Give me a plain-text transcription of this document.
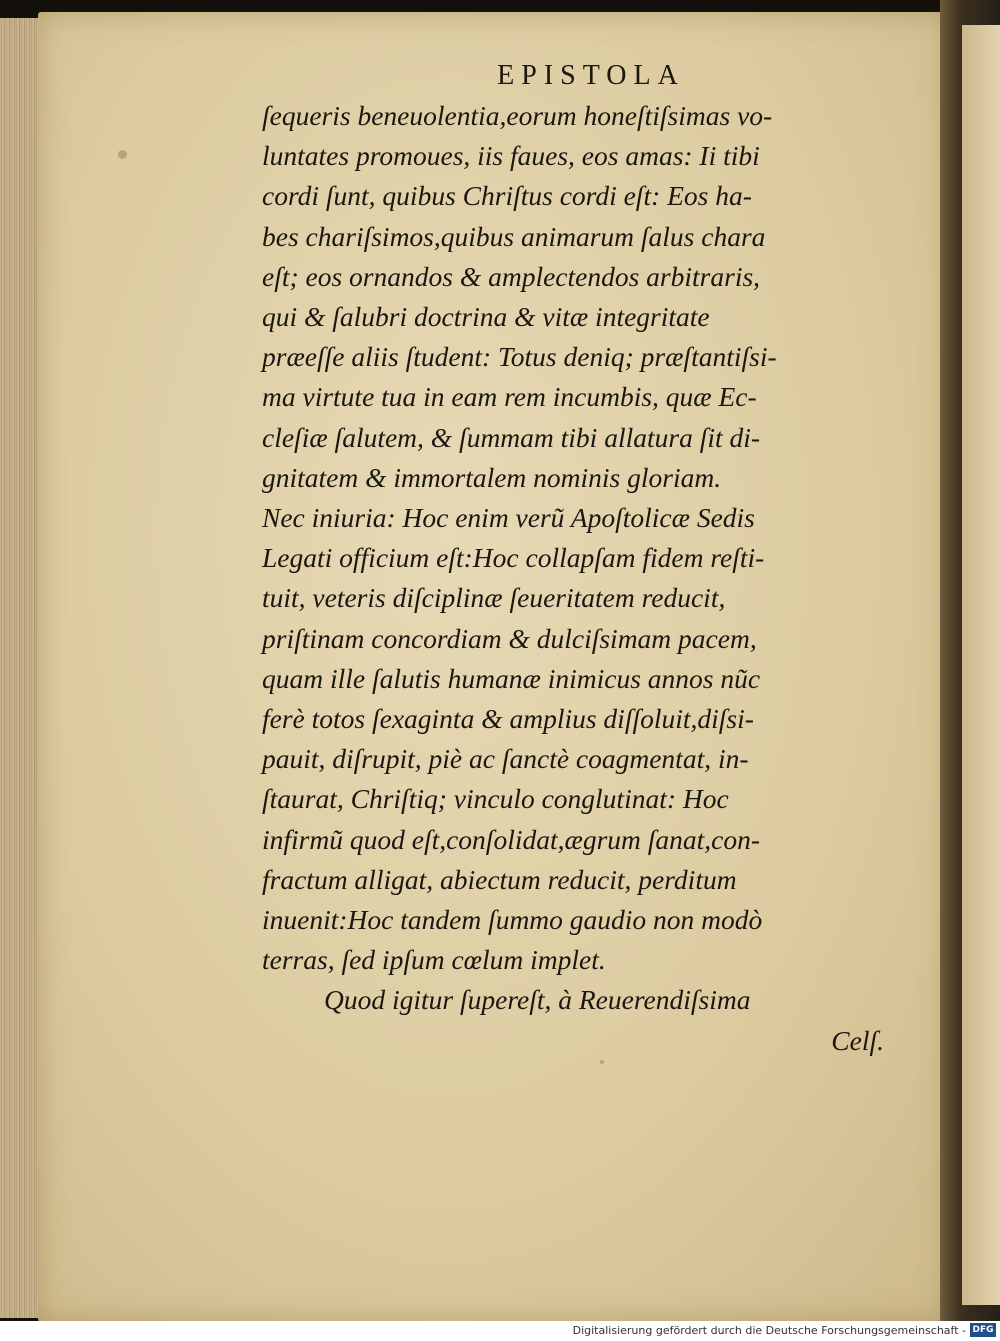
EPISTOLA
ſequeris beneuolentia,eorum honeſtiſsimas vo-
luntates promoues, iis faues, eos amas: Ii tibi
cordi ſunt, quibus Chriſtus cordi eſt: Eos ha-
bes chariſsimos,quibus animarum ſalus chara
eſt; eos ornandos & amplectendos arbitraris,
qui & ſalubri doctrina & vitæ integritate
præeſſe aliis ſtudent: Totus deniq; præſtantiſsi-
ma virtute tua in eam rem incumbis, quæ Ec-
cleſiæ ſalutem, & ſummam tibi allatura ſit di-
gnitatem & immortalem nominis gloriam.
Nec iniuria: Hoc enim verũ Apoſtolicæ Sedis
Legati officium eſt:Hoc collapſam fidem reſti-
tuit, veteris diſciplinæ ſeueritatem reducit,
priſtinam concordiam & dulciſsimam pacem,
quam ille ſalutis humanæ inimicus annos nũc
ferè totos ſexaginta & amplius diſſoluit,diſsi-
pauit, diſrupit, piè ac ſanctè coagmentat, in-
ſtaurat, Chriſtiq; vinculo conglutinat: Hoc
infirmũ quod eſt,conſolidat,ægrum ſanat,con-
fractum alligat, abiectum reducit, perditum
inuenit:Hoc tandem ſummo gaudio non modò
terras, ſed ipſum cœlum implet.
Quod igitur ſupereſt, à Reuerendiſsima
Celſ.
Digitalisierung gefördert durch die Deutsche Forschungsgemeinschaft - DFG
